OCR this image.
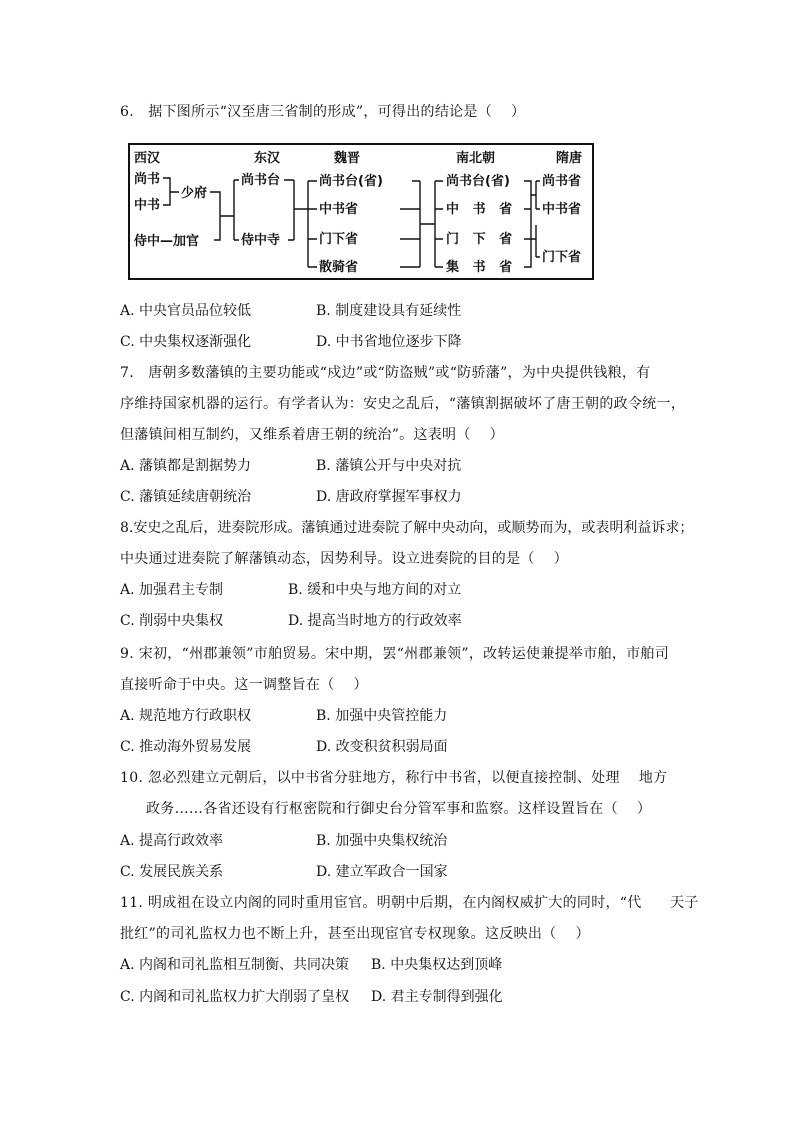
6.   据下图所示“汉至唐三省制的形成”，可得出的结论是（    ）
西汉	东汉	魏晋	南北朝	隋唐
尚书
中书
少府
侍中—加官
尚书台
侍中寺
尚书台(省)
中书省
门下省
散骑省
尚书台(省)
中   书   省
门   下   省
集   书   省
尚书省
中书省
门下省
A. 中央官员品位较低	B. 制度建设具有延续性
C. 中央集权逐渐强化	D. 中书省地位逐步下降
7.   唐朝多数藩镇的主要功能或“戍边”或“防盗贼”或“防骄藩”，为中央提供钱粮，有
序维持国家机器的运行。有学者认为：安史之乱后，“藩镇割据破坏了唐王朝的政令统一，
但藩镇间相互制约，又维系着唐王朝的统治”。这表明（    ）
A. 藩镇都是割据势力	B. 藩镇公开与中央对抗
C. 藩镇延续唐朝统治	D. 唐政府掌握军事权力
8.安史之乱后，进奏院形成。藩镇通过进奏院了解中央动向，或顺势而为，或表明利益诉求；
中央通过进奏院了解藩镇动态，因势利导。设立进奏院的目的是（    ）
A. 加强君主专制	B. 缓和中央与地方间的对立
C. 削弱中央集权	D. 提高当时地方的行政效率
9. 宋初，“州郡兼领”市舶贸易。宋中期，罢“州郡兼领”，改转运使兼提举市舶，市舶司
直接听命于中央。这一调整旨在（    ）
A. 规范地方行政职权	B. 加强中央管控能力
C. 推动海外贸易发展	D. 改变积贫积弱局面
10. 忽必烈建立元朝后，以中书省分驻地方，称行中书省，以便直接控制、处理    地方
政务……各省还设有行枢密院和行御史台分管军事和监察。这样设置旨在（    ）
A. 提高行政效率	B. 加强中央集权统治
C. 发展民族关系	D. 建立军政合一国家
11. 明成祖在设立内阁的同时重用宦官。明朝中后期，在内阁权威扩大的同时，“代      天子
批红”的司礼监权力也不断上升，甚至出现宦官专权现象。这反映出（    ）
A. 内阁和司礼监相互制衡、共同决策 B. 中央集权达到顶峰
C. 内阁和司礼监权力扩大削弱了皇权 D. 君主专制得到强化
